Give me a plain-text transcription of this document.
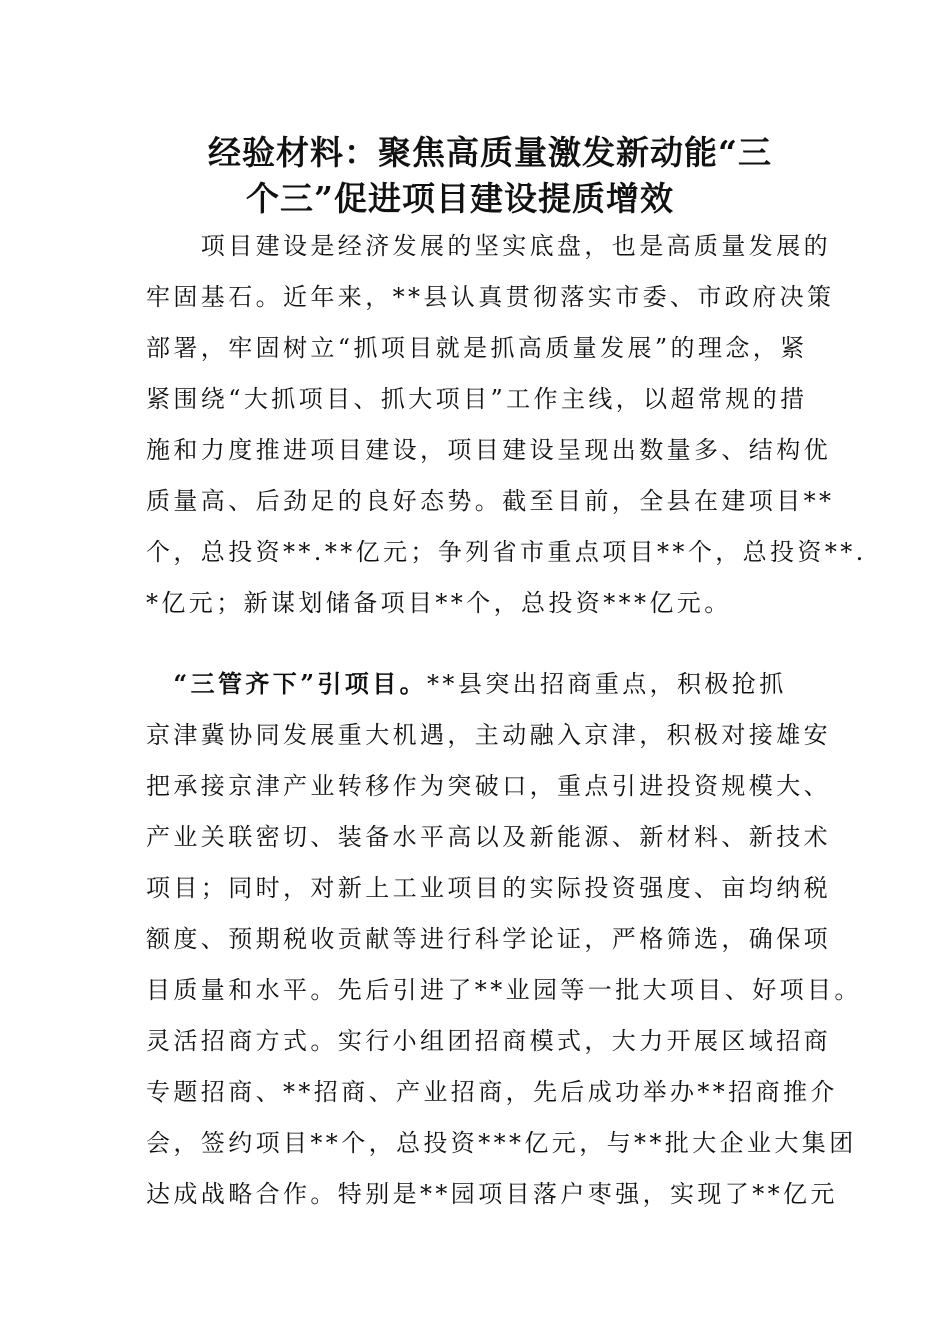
经验材料：聚焦高质量激发新动能“三
个三”促进项目建设提质增效

　　项目建设是经济发展的坚实底盘，也是高质量发展的

牢固基石。近年来，**县认真贯彻落实市委、市政府决策

部署，牢固树立“抓项目就是抓高质量发展”的理念，紧

紧围绕“大抓项目、抓大项目”工作主线，以超常规的措

施和力度推进项目建设，项目建设呈现出数量多、结构优

质量高、后劲足的良好态势。截至目前，全县在建项目**

个，总投资**.**亿元；争列省市重点项目**个，总投资**.

*亿元；新谋划储备项目**个，总投资***亿元。

　“三管齐下”引项目。**县突出招商重点，积极抢抓

京津冀协同发展重大机遇，主动融入京津，积极对接雄安

把承接京津产业转移作为突破口，重点引进投资规模大、

产业关联密切、装备水平高以及新能源、新材料、新技术

项目；同时，对新上工业项目的实际投资强度、亩均纳税

额度、预期税收贡献等进行科学论证，严格筛选，确保项

目质量和水平。先后引进了**业园等一批大项目、好项目。

灵活招商方式。实行小组团招商模式，大力开展区域招商

专题招商、**招商、产业招商，先后成功举办**招商推介

会，签约项目**个，总投资***亿元，与**批大企业大集团

达成战略合作。特别是**园项目落户枣强，实现了**亿元
